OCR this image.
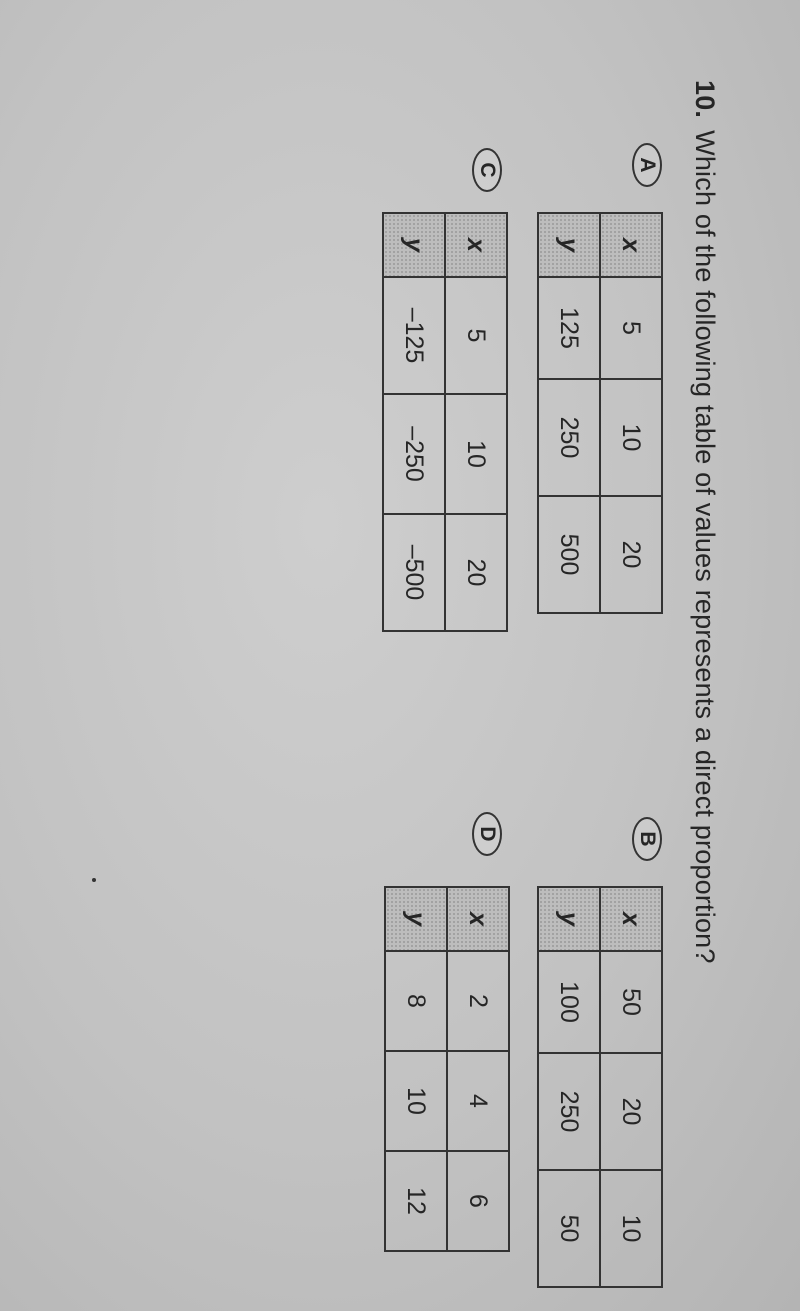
10.Which of the following table of values represents a direct proportion?
A
x	5	10	20
y	125	250	500
B
x	50	20	10
y	100	250	50
C
x	5	10	20
y	–125	–250	–500
D
x	2	4	6
y	8	10	12
